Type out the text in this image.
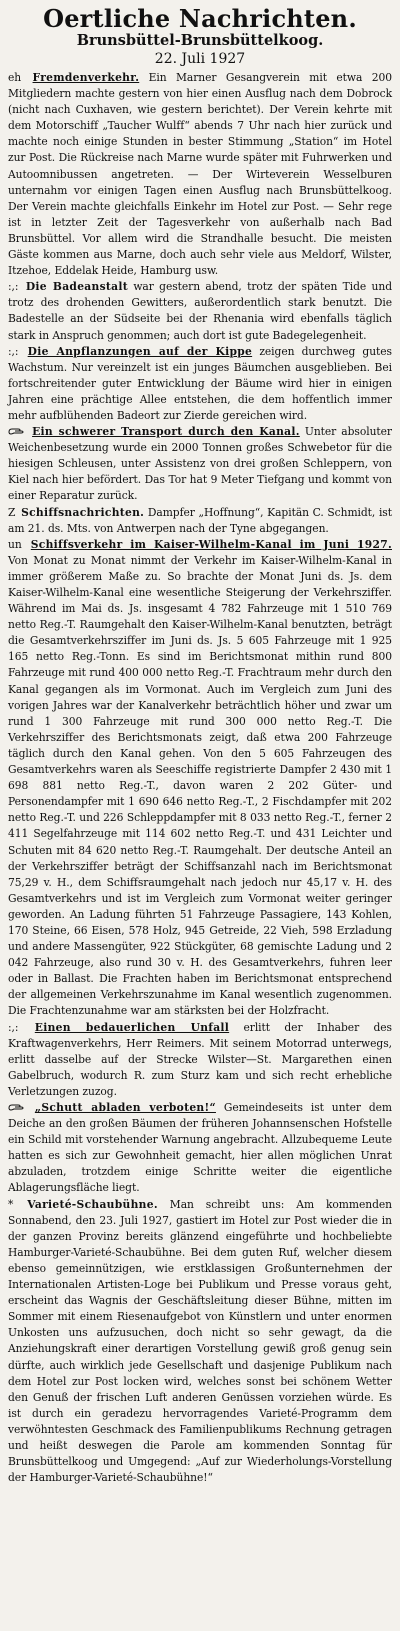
Oertliche Nachrichten.
Brunsbüttel-Brunsbüttelkoog.
22. Juli 1927

eh Fremdenverkehr. Ein Marner Gesangverein mit etwa 200 Mitgliedern machte gestern von hier einen Ausflug nach dem Dobrock (nicht nach Cuxhaven, wie gestern berichtet). Der Verein kehrte mit dem Motorschiff „Taucher Wulff“ abends 7 Uhr nach hier zurück und machte noch einige Stunden in bester Stimmung „Station“ im Hotel zur Post. Die Rückreise nach Marne wurde später mit Fuhrwerken und Autoomnibussen angetreten. — Der Wirteverein Wesselburen unternahm vor einigen Tagen einen Ausflug nach Brunsbüttelkoog. Der Verein machte gleichfalls Einkehr im Hotel zur Post. — Sehr rege ist in letzter Zeit der Tagesverkehr von außerhalb nach Bad Brunsbüttel. Vor allem wird die Strandhalle besucht. Die meisten Gäste kommen aus Marne, doch auch sehr viele aus Meldorf, Wilster, Itzehoe, Eddelak Heide, Hamburg usw.

:,: Die Badeanstalt war gestern abend, trotz der späten Tide und trotz des drohenden Gewitters, außerordentlich stark benutzt. Die Badestelle an der Südseite bei der Rhenania wird ebenfalls täglich stark in Anspruch genommen; auch dort ist gute Badegelegenheit.

:,: Die Anpflanzungen auf der Kippe zeigen durchweg gutes Wachstum. Nur vereinzelt ist ein junges Bäumchen ausgeblieben. Bei fortschreitender guter Entwicklung der Bäume wird hier in einigen Jahren eine prächtige Allee entstehen, die dem hoffentlich immer mehr aufblühenden Badeort zur Zierde gereichen wird.

Ein schwerer Transport durch den Kanal. Unter absoluter Weichenbesetzung wurde ein 2000 Tonnen großes Schwebetor für die hiesigen Schleusen, unter Assistenz von drei großen Schleppern, von Kiel nach hier befördert. Das Tor hat 9 Meter Tiefgang und kommt von einer Reparatur zurück.

Z Schiffsnachrichten. Dampfer „Hoffnung“, Kapitän C. Schmidt, ist am 21. ds. Mts. von Antwerpen nach der Tyne abgegangen.

un Schiffsverkehr im Kaiser-Wilhelm-Kanal im Juni 1927. Von Monat zu Monat nimmt der Verkehr im Kaiser-Wilhelm-Kanal in immer größerem Maße zu. So brachte der Monat Juni ds. Js. dem Kaiser-Wilhelm-Kanal eine wesentliche Steigerung der Verkehrsziffer. Während im Mai ds. Js. insgesamt 4 782 Fahrzeuge mit 1 510 769 netto Reg.-T. Raumgehalt den Kaiser-Wilhelm-Kanal benutzten, beträgt die Gesamtverkehrsziffer im Juni ds. Js. 5 605 Fahrzeuge mit 1 925 165 netto Reg.-Tonn. Es sind im Berichtsmonat mithin rund 800 Fahrzeuge mit rund 400 000 netto Reg.-T. Frachtraum mehr durch den Kanal gegangen als im Vormonat. Auch im Vergleich zum Juni des vorigen Jahres war der Kanalverkehr beträchtlich höher und zwar um rund 1 300 Fahrzeuge mit rund 300 000 netto Reg.-T. Die Verkehrsziffer des Berichtsmonats zeigt, daß etwa 200 Fahrzeuge täglich durch den Kanal gehen. Von den 5 605 Fahrzeugen des Gesamtverkehrs waren als Seeschiffe registrierte Dampfer 2 430 mit 1 698 881 netto Reg.-T., davon waren 2 202 Güter- und Personendampfer mit 1 690 646 netto Reg.-T., 2 Fischdampfer mit 202 netto Reg.-T. und 226 Schleppdampfer mit 8 033 netto Reg.-T., ferner 2 411 Segelfahrzeuge mit 114 602 netto Reg.-T. und 431 Leichter und Schuten mit 84 620 netto Reg.-T. Raumgehalt. Der deutsche Anteil an der Verkehrsziffer beträgt der Schiffsanzahl nach im Berichtsmonat 75,29 v. H., dem Schiffsraumgehalt nach jedoch nur 45,17 v. H. des Gesamtverkehrs und ist im Vergleich zum Vormonat weiter geringer geworden. An Ladung führten 51 Fahrzeuge Passagiere, 143 Kohlen, 170 Steine, 66 Eisen, 578 Holz, 945 Getreide, 22 Vieh, 598 Erzladung und andere Massengüter, 922 Stückgüter, 68 gemischte Ladung und 2 042 Fahrzeuge, also rund 30 v. H. des Gesamtverkehrs, fuhren leer oder in Ballast. Die Frachten haben im Berichtsmonat entsprechend der allgemeinen Verkehrszunahme im Kanal wesentlich zugenommen. Die Frachtenzunahme war am stärksten bei der Holzfracht.

:,: Einen bedauerlichen Unfall erlitt der Inhaber des Kraftwagenverkehrs, Herr Reimers. Mit seinem Motorrad unterwegs, erlitt dasselbe auf der Strecke Wilster—St. Margarethen einen Gabelbruch, wodurch R. zum Sturz kam und sich recht erhebliche Verletzungen zuzog.

„Schutt abladen verboten!“ Gemeindeseits ist unter dem Deiche an den großen Bäumen der früheren Johannsenschen Hofstelle ein Schild mit vorstehender Warnung angebracht. Allzubequeme Leute hatten es sich zur Gewohnheit gemacht, hier allen möglichen Unrat abzuladen, trotzdem einige Schritte weiter die eigentliche Ablagerungsfläche liegt.

* Varieté-Schaubühne. Man schreibt uns: Am kommenden Sonnabend, den 23. Juli 1927, gastiert im Hotel zur Post wieder die in der ganzen Provinz bereits glänzend eingeführte und hochbeliebte Hamburger-Varieté-Schaubühne. Bei dem guten Ruf, welcher diesem ebenso gemeinnützigen, wie erstklassigen Großunternehmen der Internationalen Artisten-Loge bei Publikum und Presse voraus geht, erscheint das Wagnis der Geschäftsleitung dieser Bühne, mitten im Sommer mit einem Riesenaufgebot von Künstlern und unter enormen Unkosten uns aufzusuchen, doch nicht so sehr gewagt, da die Anziehungskraft einer derartigen Vorstellung gewiß groß genug sein dürfte, auch wirklich jede Gesellschaft und dasjenige Publikum nach dem Hotel zur Post locken wird, welches sonst bei schönem Wetter den Genuß der frischen Luft anderen Genüssen vorziehen würde. Es ist durch ein geradezu hervorragendes Varieté-Programm dem verwöhntesten Geschmack des Familienpublikums Rechnung getragen und heißt deswegen die Parole am kommenden Sonntag für Brunsbüttelkoog und Umgegend: „Auf zur Wiederholungs-Vorstellung der Hamburger-Varieté-Schaubühne!“
